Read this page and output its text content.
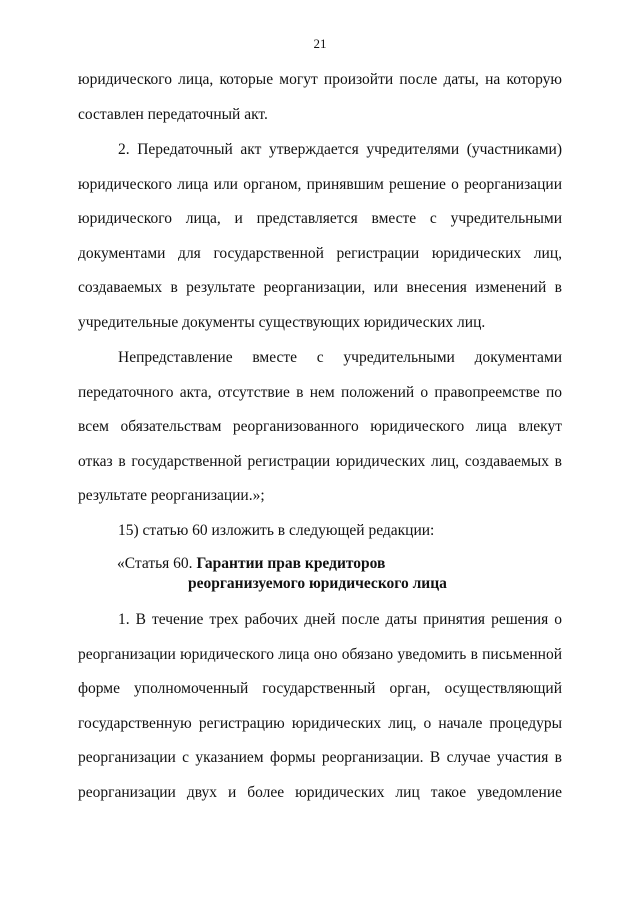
21

юридического лица, которые могут произойти после даты, на которую составлен передаточный акт.

2. Передаточный акт утверждается учредителями (участниками) юридического лица или органом, принявшим решение о реорганизации юридического лица, и представляется вместе с учредительными документами для государственной регистрации юридических лиц, создаваемых в результате реорганизации, или внесения изменений в учредительные документы существующих юридических лиц.

Непредставление вместе с учредительными документами передаточного акта, отсутствие в нем положений о правопреемстве по всем обязательствам реорганизованного юридического лица влекут отказ в государственной регистрации юридических лиц, создаваемых в результате реорганизации.»;

15) статью 60 изложить в следующей редакции:

«Статья 60. Гарантии прав кредиторов
реорганизуемого юридического лица

1. В течение трех рабочих дней после даты принятия решения о реорганизации юридического лица оно обязано уведомить в письменной форме уполномоченный государственный орган, осуществляющий государственную регистрацию юридических лиц, о начале процедуры реорганизации с указанием формы реорганизации. В случае участия в реорганизации двух и более юридических лиц такое уведомление
